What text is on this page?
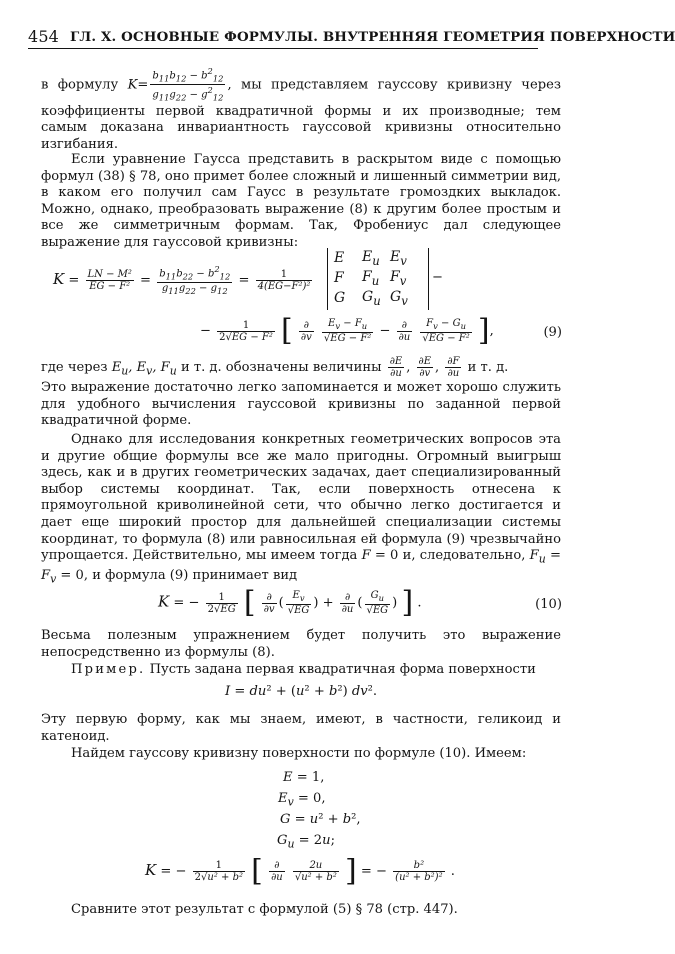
454 ГЛ. X. ОСНОВНЫЕ ФОРМУЛЫ. ВНУТРЕННЯЯ ГЕОМЕТРИЯ ПОВЕРХНОСТИ

в формулу $K= \frac{b_{11}b_{12} - b^2_{12}}{g_{11}g_{22} - g^2_{12}}$ , мы представляем гауссову кривизну через коэффициенты первой квадратичной формы и их производные; тем самым доказана инвариантность гауссовой кривизны относительно изгибания.

Если уравнение Гаусса представить в раскрытом виде с помощью формул (38) § 78, оно примет более сложный и лишенный симметрии вид, в каком его получил сам Гаусс в результате громоздких выкладок. Можно, однако, преобразовать выражение (8) к другим более простым и все же симметричным формам. Так, Фробениус дал следующее выражение для гауссовой кривизны:

$K = \frac{\text{LN − M²}}{\text{EG − F²}} = \frac{b_{11}b_{22} - b^2_{12}}{g_{11}g_{22} - g_{12}} = \frac{1}{\text{4(EG−F²)²}}$
E	$E_u$	$E_v$
F	$F_u$	$F_v$
G	$G_u$	$G_v$
−
− $\frac{1}{\text{2√EG − F²}}$ [ $\frac{\partial}{\partial v}$
$\frac{E_v - F_u}{\text{√EG − F²}} - \frac{\partial}{\partial u}$
$\frac{F_v - G_u}{\text{√EG − F²}}$ ],	(9)

где через $E_u$, $E_v$, $F_u$ и т. д. обозначены величины $\frac{\partial E}{\partial u}$ , $\frac{\partial E}{\partial v}$ , $\frac{\partial F}{\partial u}$ и т. д.

Это выражение достаточно легко запоминается и может хорошо служить для удобного вычисления гауссовой кривизны по заданной первой квадратичной форме.

Однако для исследования конкретных геометрических вопросов эта и другие общие формулы все же мало пригодны. Огромный выигрыш здесь, как и в других геометрических задачах, дает специализированный выбор системы координат. Так, если поверхность отнесена к прямоугольной криволинейной сети, что обычно легко достигается и дает еще широкий простор для дальнейшей специализации системы координат, то формула (8) или равносильная ей формула (9) чрезвычайно упрощается. Действительно, мы имеем тогда F = 0 и, следовательно, $F_u = F_v = 0$, и формула (9) принимает вид

K = − $\frac{1}{2√EG}$ [ $\frac{\partial}{\partial v}$ ( $\frac{E_v}{√EG}$ ) + $\frac{\partial}{\partial u}$ ( $\frac{G_u}{√EG}$ ) ] .	(10)

Весьма полезным упражнением будет получить это выражение непосредственно из формулы (8).

Пример. Пусть задана первая квадратичная форма поверхности

I = du² + (u² + b²) dv².

Эту первую форму, как мы знаем, имеют, в частности, геликоид и катеноид.

Найдем гауссову кривизну поверхности по формуле (10). Имеем:

E = 1,
$E_v = 0$,
G = u² + b²,
$G_u = 2u$;
K = − $\frac{1}{\text{2√u² + b²}}$ [ $\frac{\partial}{\partial u}$
$\frac{2u}{\text{√u² + b²}}$ ] = − $\frac{\text{b²}}{\text{(u² + b²)²}}$ .

Сравните этот результат с формулой (5) § 78 (стр. 447).
